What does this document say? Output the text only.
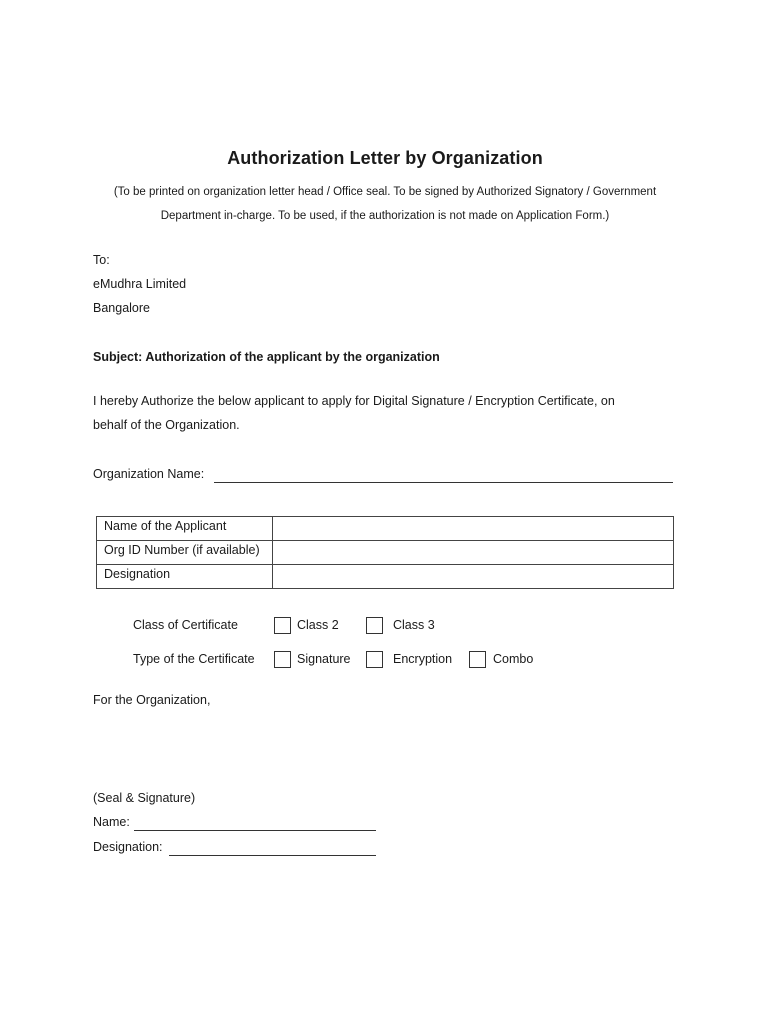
Authorization Letter by Organization
(To be printed on organization letter head / Office seal. To be signed by Authorized Signatory / Government
Department in-charge. To be used, if the authorization is not made on Application Form.)
To:
eMudhra Limited
Bangalore
Subject: Authorization of the applicant by the organization
I hereby Authorize the below applicant to apply for Digital Signature / Encryption Certificate, on
behalf of the Organization.
Organization Name:
Name of the Applicant	
Org ID Number (if available)	
Designation	
Class of Certificate	Class 2	Class 3
Type of the Certificate	Signature	Encryption	Combo
For the Organization,
(Seal & Signature)
Name:
Designation:
